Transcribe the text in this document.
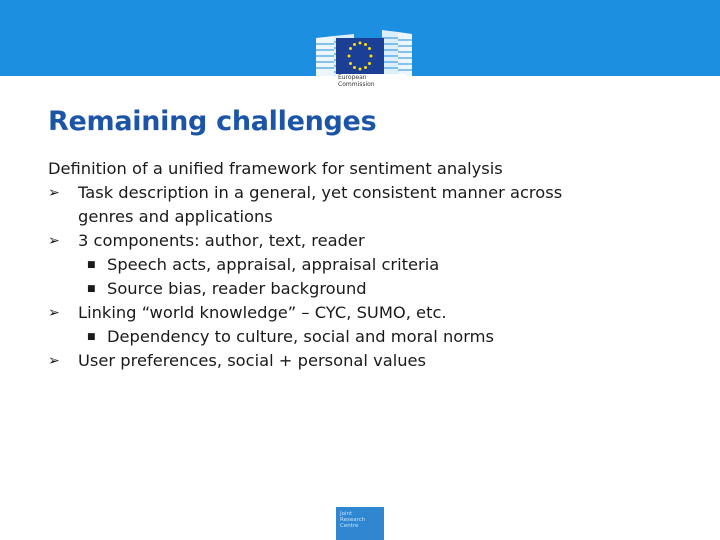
European
Commission
Remaining challenges
Definition of a unified framework for sentiment analysis
➢ Task description in a general, yet consistent manner across
genres and applications
➢ 3 components: author, text, reader
■ Speech acts, appraisal, appraisal criteria
■ Source bias, reader background
➢ Linking “world knowledge” – CYC, SUMO, etc.
■ Dependency to culture, social and moral norms
➢ User preferences, social + personal values
Joint
Research
Centre
